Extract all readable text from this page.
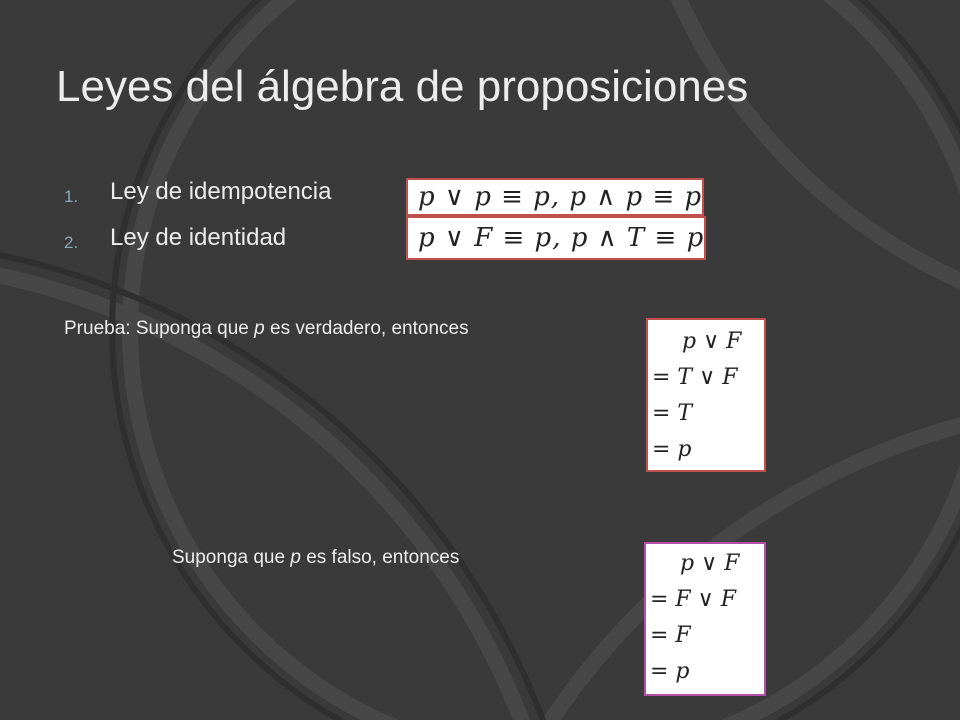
Leyes del álgebra de proposiciones
1. Ley de idempotencia	p ∨ p ≡ p, p ∧ p ≡ p
2. Ley de identidad	p ∨ F ≡ p, p ∧ T ≡ p
Prueba: Suponga que p es verdadero, entonces
p ∨ F
= T ∨ F
= T
= p
Suponga que p es falso, entonces	p ∨ F
= F ∨ F
= F
= p
